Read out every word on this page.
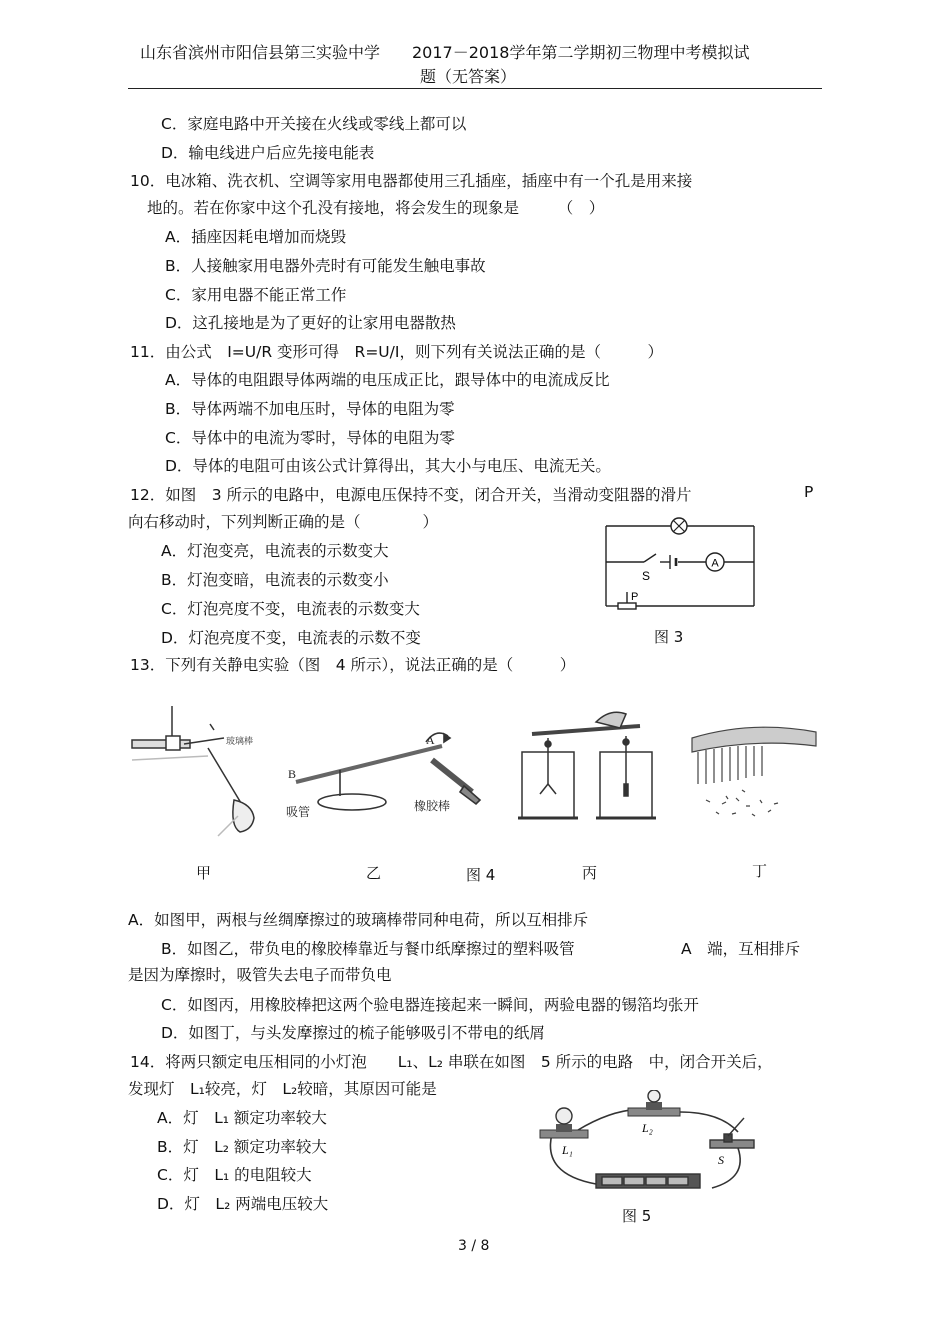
山东省滨州市阳信县第三实验中学　　2017－2018学年第二学期初三物理中考模拟试
题（无答案）
C．家庭电路中开关接在火线或零线上都可以
D．输电线进户后应先接电能表
10．电冰箱、洗衣机、空调等家用电器都使用三孔插座，插座中有一个孔是用来接
地的。若在你家中这个孔没有接地，将会发生的现象是　　　（　）
A．插座因耗电增加而烧毁
B．人接触家用电器外壳时有可能发生触电事故
C．家用电器不能正常工作
D．这孔接地是为了更好的让家用电器散热
11．由公式　I=U/R 变形可得　R=U/I，则下列有关说法正确的是（　　　）
A．导体的电阻跟导体两端的电压成正比，跟导体中的电流成反比
B．导体两端不加电压时，导体的电阻为零
C．导体中的电流为零时，导体的电阻为零
D．导体的电阻可由该公式计算得出，其大小与电压、电流无关。
12．如图　3 所示的电路中，电源电压保持不变，闭合开关，当滑动变阻器的滑片	P
向右移动时，下列判断正确的是（　　　　）
A．灯泡变亮，电流表的示数变大
B．灯泡变暗，电流表的示数变小
C．灯泡亮度不变，电流表的示数变大
D．灯泡亮度不变，电流表的示数不变
A
S
P
图 3
13．下列有关静电实验（图　4 所示），说法正确的是（　　　）
玻璃棒
B
A
吸管	橡胶棒
甲	乙	图 4	丙	丁
A．如图甲，两根与丝绸摩擦过的玻璃棒带同种电荷，所以互相排斥
B．如图乙，带负电的橡胶棒靠近与餐巾纸摩擦过的塑料吸管	A　端，互相排斥
是因为摩擦时，吸管失去电子而带负电
C．如图丙，用橡胶棒把这两个验电器连接起来一瞬间，两验电器的锡箔均张开
D．如图丁，与头发摩擦过的梳子能够吸引不带电的纸屑
14．将两只额定电压相同的小灯泡　　L₁、L₂ 串联在如图　5 所示的电路　中，闭合开关后，
发现灯　L₁较亮，灯　L₂较暗，其原因可能是
A．灯　L₁ 额定功率较大
B．灯　L₂ 额定功率较大
C．灯　L₁ 的电阻较大
D．灯　L₂ 两端电压较大
L₁
L₂
S
图 5
3 / 8
